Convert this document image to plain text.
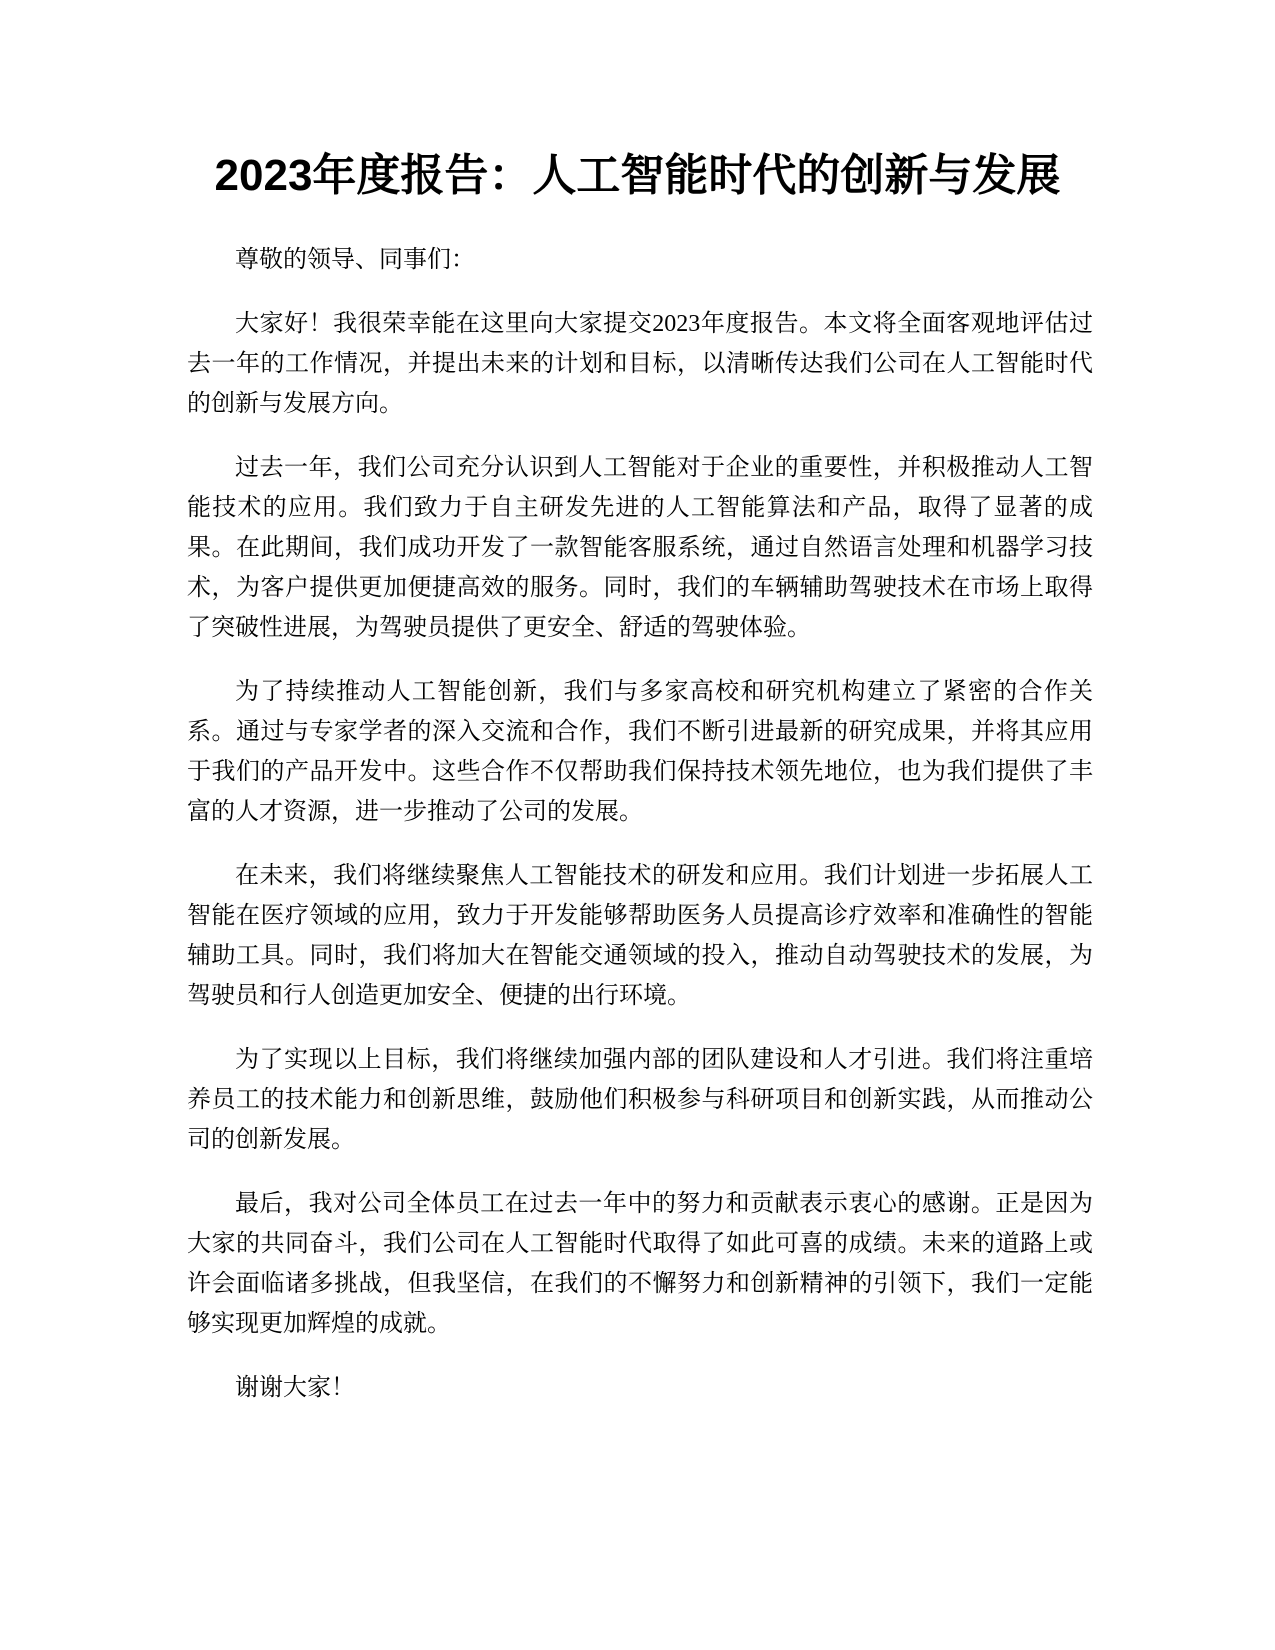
2023年度报告：人工智能时代的创新与发展

尊敬的领导、同事们：

大家好！我很荣幸能在这里向大家提交2023年度报告。本文将全面客观地评估过去一年的工作情况，并提出未来的计划和目标，以清晰传达我们公司在人工智能时代的创新与发展方向。

过去一年，我们公司充分认识到人工智能对于企业的重要性，并积极推动人工智能技术的应用。我们致力于自主研发先进的人工智能算法和产品，取得了显著的成果。在此期间，我们成功开发了一款智能客服系统，通过自然语言处理和机器学习技术，为客户提供更加便捷高效的服务。同时，我们的车辆辅助驾驶技术在市场上取得了突破性进展，为驾驶员提供了更安全、舒适的驾驶体验。

为了持续推动人工智能创新，我们与多家高校和研究机构建立了紧密的合作关系。通过与专家学者的深入交流和合作，我们不断引进最新的研究成果，并将其应用于我们的产品开发中。这些合作不仅帮助我们保持技术领先地位，也为我们提供了丰富的人才资源，进一步推动了公司的发展。

在未来，我们将继续聚焦人工智能技术的研发和应用。我们计划进一步拓展人工智能在医疗领域的应用，致力于开发能够帮助医务人员提高诊疗效率和准确性的智能辅助工具。同时，我们将加大在智能交通领域的投入，推动自动驾驶技术的发展，为驾驶员和行人创造更加安全、便捷的出行环境。

为了实现以上目标，我们将继续加强内部的团队建设和人才引进。我们将注重培养员工的技术能力和创新思维，鼓励他们积极参与科研项目和创新实践，从而推动公司的创新发展。

最后，我对公司全体员工在过去一年中的努力和贡献表示衷心的感谢。正是因为大家的共同奋斗，我们公司在人工智能时代取得了如此可喜的成绩。未来的道路上或许会面临诸多挑战，但我坚信，在我们的不懈努力和创新精神的引领下，我们一定能够实现更加辉煌的成就。

谢谢大家！
